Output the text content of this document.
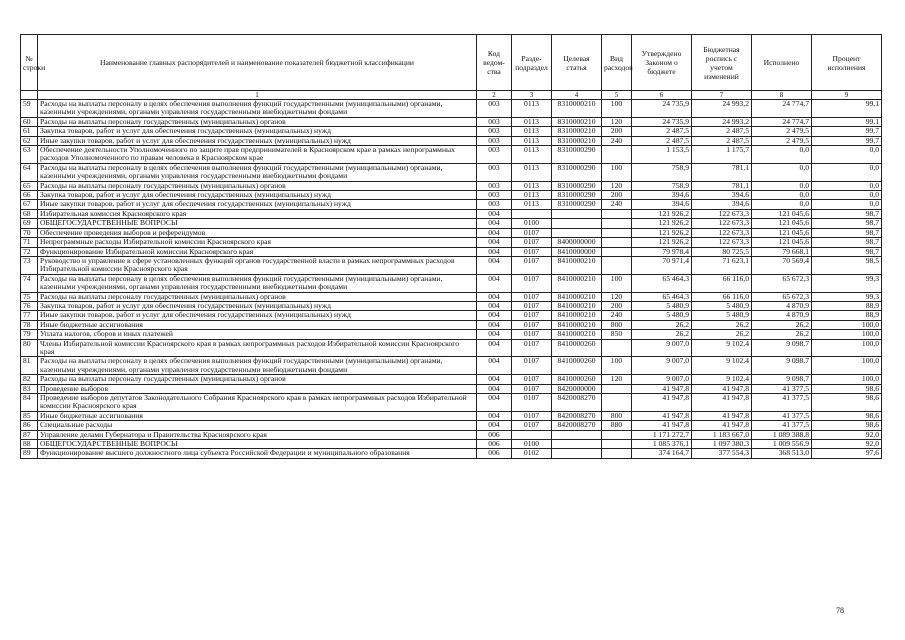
№ строки	Наименование главных распорядителей и наименование показателей бюджетной классификации	Код ведом-ства	Разде-подраздел	Целевая статья	Вид расходов	Утверждено Законом о бюджете	Бюджетная роспись с учетом изменений	Исполнено	Процент исполнения
	1	2	3	4	5	6	7	8	9
59	Расходы на выплаты персоналу в целях обеспечения выполнения функций государственными (муниципальными) органами, казенными учреждениями, органами управления государственными внебюджетными фондами	003	0113	8310000210	100	24 735,9	24 993,2	24 774,7	99,1
60	Расходы на выплаты персоналу государственных (муниципальных) органов	003	0113	8310000210	120	24 735,9	24 993,2	24 774,7	99,1
61	Закупка товаров, работ и услуг для обеспечения государственных (муниципальных) нужд	003	0113	8310000210	200	2 487,5	2 487,5	2 479,5	99,7
62	Иные закупки товаров, работ и услуг для обеспечения государственных (муниципальных) нужд	003	0113	8310000210	240	2 487,5	2 487,5	2 479,5	99,7
63	Обеспечение деятельности Уполномоченного по защите прав предпринимателей в Красноярском крае в рамках непрограммных расходов Уполномоченного по правам человека в Красноярском крае	003	0113	8310000290		1 153,5	1 175,7	0,0	0,0
64	Расходы на выплаты персоналу в целях обеспечения выполнения функций государственными (муниципальными) органами, казенными учреждениями, органами управления государственными внебюджетными фондами	003	0113	8310000290	100	758,9	781,1	0,0	0,0
65	Расходы на выплаты персоналу государственных (муниципальных) органов	003	0113	8310000290	120	758,9	781,1	0,0	0,0
66	Закупка товаров, работ и услуг для обеспечения государственных (муниципальных) нужд	003	0113	8310000290	200	394,6	394,6	0,0	0,0
67	Иные закупки товаров, работ и услуг для обеспечения государственных (муниципальных) нужд	003	0113	8310000290	240	394,6	394,6	0,0	0,0
68	Избирательная комиссия Красноярского края	004				121 926,2	122 673,3	121 045,6	98,7
69	ОБЩЕГОСУДАРСТВЕННЫЕ ВОПРОСЫ	004	0100			121 926,2	122 673,3	121 045,6	98,7
70	Обеспечение проведения выборов и референдумов	004	0107			121 926,2	122 673,3	121 045,6	98,7
71	Непрограммные расходы Избирательной комиссии Красноярского края	004	0107	8400000000		121 926,2	122 673,3	121 045,6	98,7
72	Функционирование Избирательной комиссии Красноярского края	004	0107	8410000000		79 978,4	80 725,5	79 668,1	98,7
73	Руководство и управление в сфере установленных функций органов государственной власти в рамках непрограммных расходов Избирательной комиссии Красноярского края	004	0107	8410000210		70 971,4	71 623,1	70 569,4	98,5
74	Расходы на выплаты персоналу в целях обеспечения выполнения функций государственными (муниципальными) органами, казенными учреждениями, органами управления государственными внебюджетными фондами	004	0107	8410000210	100	65 464,3	66 116,0	65 672,3	99,3
75	Расходы на выплаты персоналу государственных (муниципальных) органов	004	0107	8410000210	120	65 464,3	66 116,0	65 672,3	99,3
76	Закупка товаров, работ и услуг для обеспечения государственных (муниципальных) нужд	004	0107	8410000210	200	5 480,9	5 480,9	4 870,9	88,9
77	Иные закупки товаров, работ и услуг для обеспечения государственных (муниципальных) нужд	004	0107	8410000210	240	5 480,9	5 480,9	4 870,9	88,9
78	Иные бюджетные ассигнования	004	0107	8410000210	800	26,2	26,2	26,2	100,0
79	Уплата налогов, сборов и иных платежей	004	0107	8410000210	850	26,2	26,2	26,2	100,0
80	Члены Избирательной комиссии Красноярского края в рамках непрограммных расходов Избирательной комиссии Красноярского края	004	0107	8410000260		9 007,0	9 102,4	9 098,7	100,0
81	Расходы на выплаты персоналу в целях обеспечения выполнения функций государственными (муниципальными) органами, казенными учреждениями, органами управления государственными внебюджетными фондами	004	0107	8410000260	100	9 007,0	9 102,4	9 098,7	100,0
82	Расходы на выплаты персоналу государственных (муниципальных) органов	004	0107	8410000260	120	9 007,0	9 102,4	9 098,7	100,0
83	Проведение выборов	004	0107	8420000000		41 947,8	41 947,8	41 377,5	98,6
84	Проведение выборов депутатов Законодательного Собрания Красноярского края в рамках непрограммных расходов Избирательной комиссии Красноярского края	004	0107	8420008270		41 947,8	41 947,8	41 377,5	98,6
85	Иные бюджетные ассигнования	004	0107	8420008270	800	41 947,8	41 947,8	41 377,5	98,6
86	Специальные расходы	004	0107	8420008270	880	41 947,8	41 947,8	41 377,5	98,6
87	Управление делами Губернатора и Правительства Красноярского края	006				1 171 272,7	1 183 667,0	1 089 388,8	92,0
88	ОБЩЕГОСУДАРСТВЕННЫЕ ВОПРОСЫ	006	0100			1 085 376,1	1 097 380,3	1 009 556,9	92,0
89	Функционирование высшего должностного лица субъекта Российской Федерации и муниципального образования	006	0102			374 164,7	377 554,3	368 513,0	97,6
78
